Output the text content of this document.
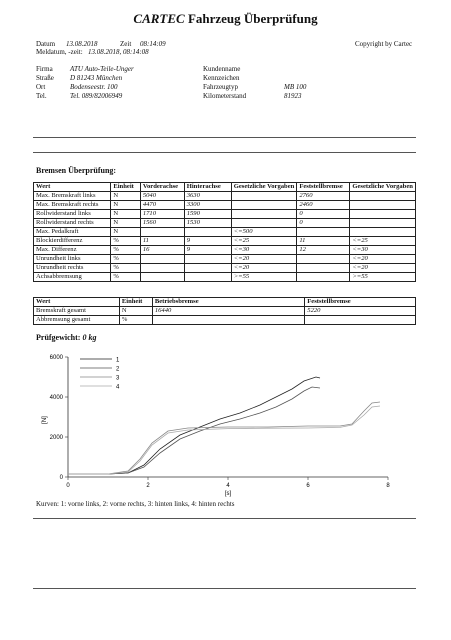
CARTEC Fahrzeug Überprüfung
Datum 13.08.2018	Zeit 08:14:09
Meldatum, -zeit: 13.08.2018, 08:14:08
Copyright by Cartec
Firma ATU Auto-Teile-Unger
Straße D 81243 München
Ort	Bodenseestr. 100
Tel.	Tel. 089/82006949
Kundenname
Kennzeichen
Fahrzeugtyp	MB 100
Kilometerstand	81923
Bremsen Überprüfung:
Wert	Einheit	Vorderachse	Hinterachse	Gesetzliche Vorgaben	Feststellbremse	Gesetzliche Vorgaben
Max. Bremskraft links	N	5040	3630		2760	
Max. Bremskraft rechts	N	4470	3300		2460	
Rollwiderstand links	N	1710	1590		0	
Rollwiderstand rechts	N	1560	1530		0	
Max. Pedalkraft	N			<=500		
Blockierdifferenz	%	11	9	<=25	11	<=25
Max. Differenz	%	16	9	<=30	12	<=30
Unrundheit links	%			<=20		<=20
Unrundheit rechts	%			<=20		<=20
Achsabbremsung	%			>=55		>=55
Wert	Einheit	Betriebsbremse	Feststellbremse
Bremskraft gesamt	N	16440	5220
Abbremsung gesamt	%		
Prüfgewicht: 0 kg
0	2	4	6	8
0
2000
4000
6000
[s]
[N]
1
2
3
4
Kurven: 1: vorne links, 2: vorne rechts, 3: hinten links, 4: hinten rechts
